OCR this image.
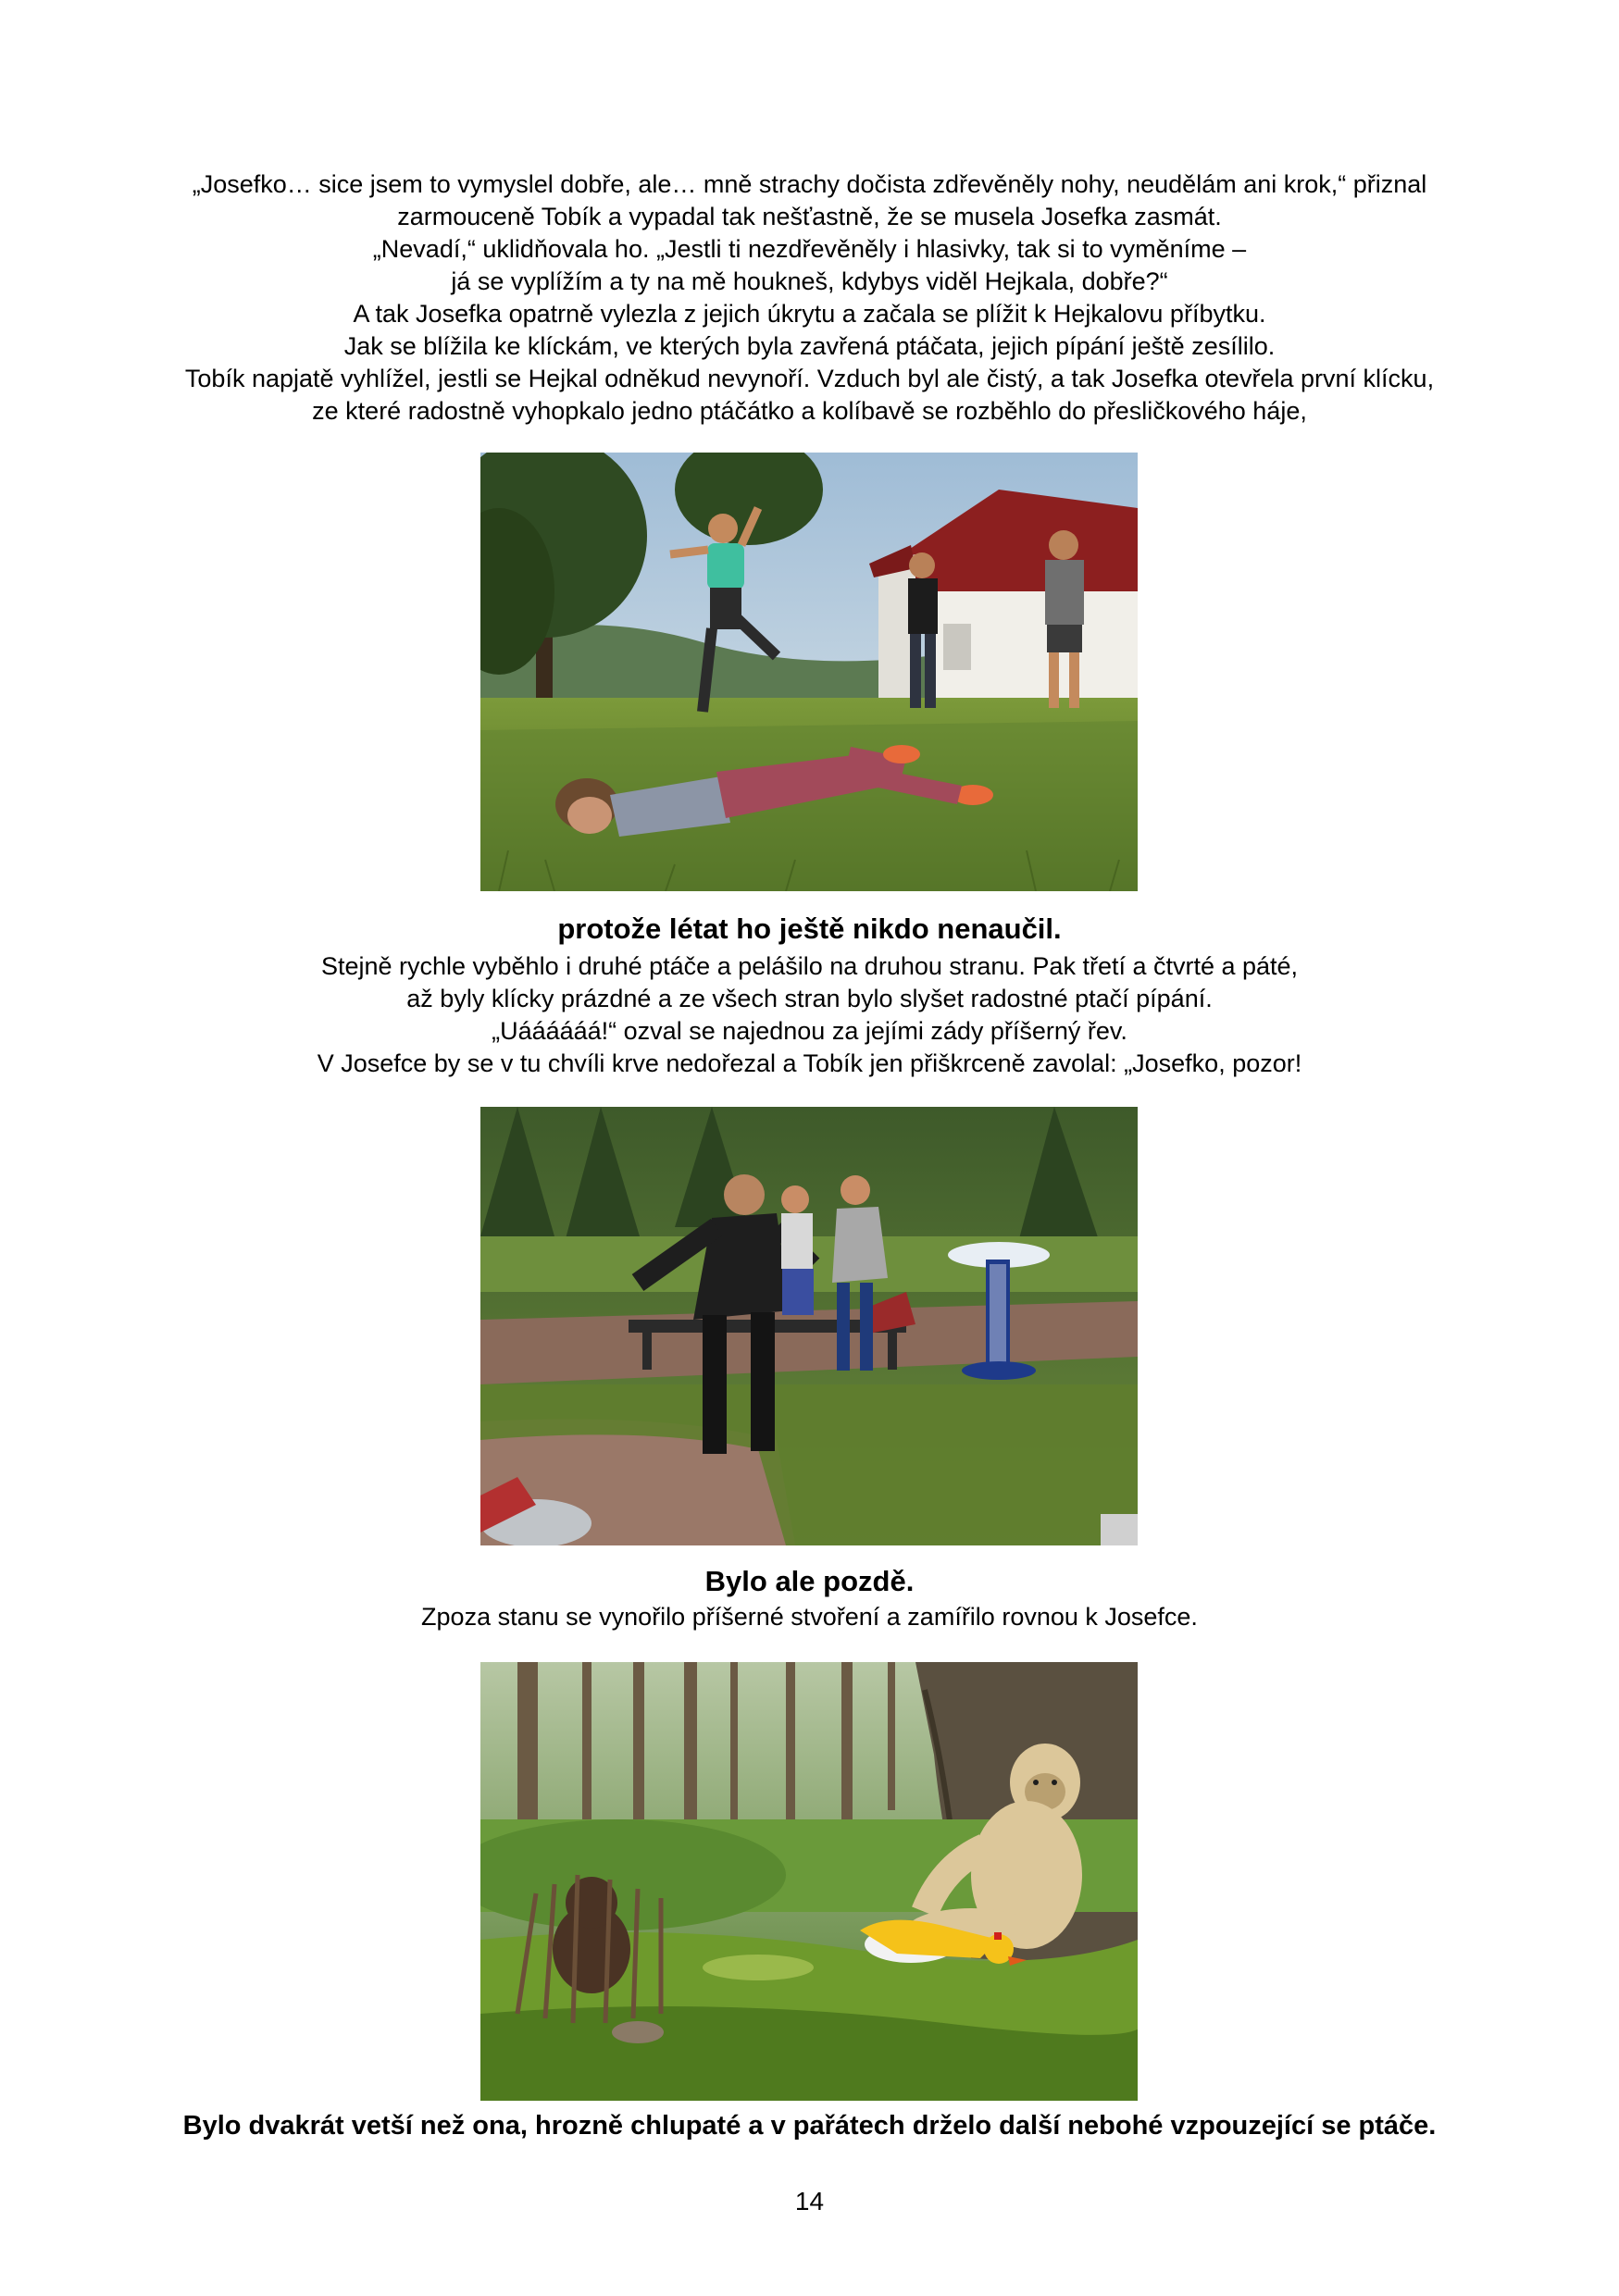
„Josefko… sice jsem to vymyslel dobře, ale… mně strachy dočista zdřevěněly nohy, neudělám ani krok,“ přiznal
zarmouceně Tobík a vypadal tak nešťastně, že se musela Josefka zasmát.
„Nevadí,“ uklidňovala ho. „Jestli ti nezdřevěněly i hlasivky, tak si to vyměníme –
já se vyplížím a ty na mě houkneš, kdybys viděl Hejkala, dobře?“
A tak Josefka opatrně vylezla z jejich úkrytu a začala se plížit k Hejkalovu příbytku.
Jak se blížila ke klíckám, ve kterých byla zavřená ptáčata, jejich pípání ještě zesílilo.
Tobík napjatě vyhlížel, jestli se Hejkal odněkud nevynoří. Vzduch byl ale čistý, a tak Josefka otevřela první klícku,
ze které radostně vyhopkalo jedno ptáčátko a kolíbavě se rozběhlo do přesličkového háje,
protože létat ho ještě nikdo nenaučil.
Stejně rychle vyběhlo i druhé ptáče a pelášilo na druhou stranu. Pak třetí a čtvrté a páté,
až byly klícky prázdné a ze všech stran bylo slyšet radostné ptačí pípání.
„Uáááááá!“ ozval se najednou za jejími zády příšerný řev.
V Josefce by se v tu chvíli krve nedořezal a Tobík jen přiškrceně zavolal: „Josefko, pozor!
Bylo ale pozdě.
Zpoza stanu se vynořilo příšerné stvoření a zamířilo rovnou k Josefce.
Bylo dvakrát vetší než ona, hrozně chlupaté a v pařátech drželo další nebohé vzpouzející se ptáče.
14
